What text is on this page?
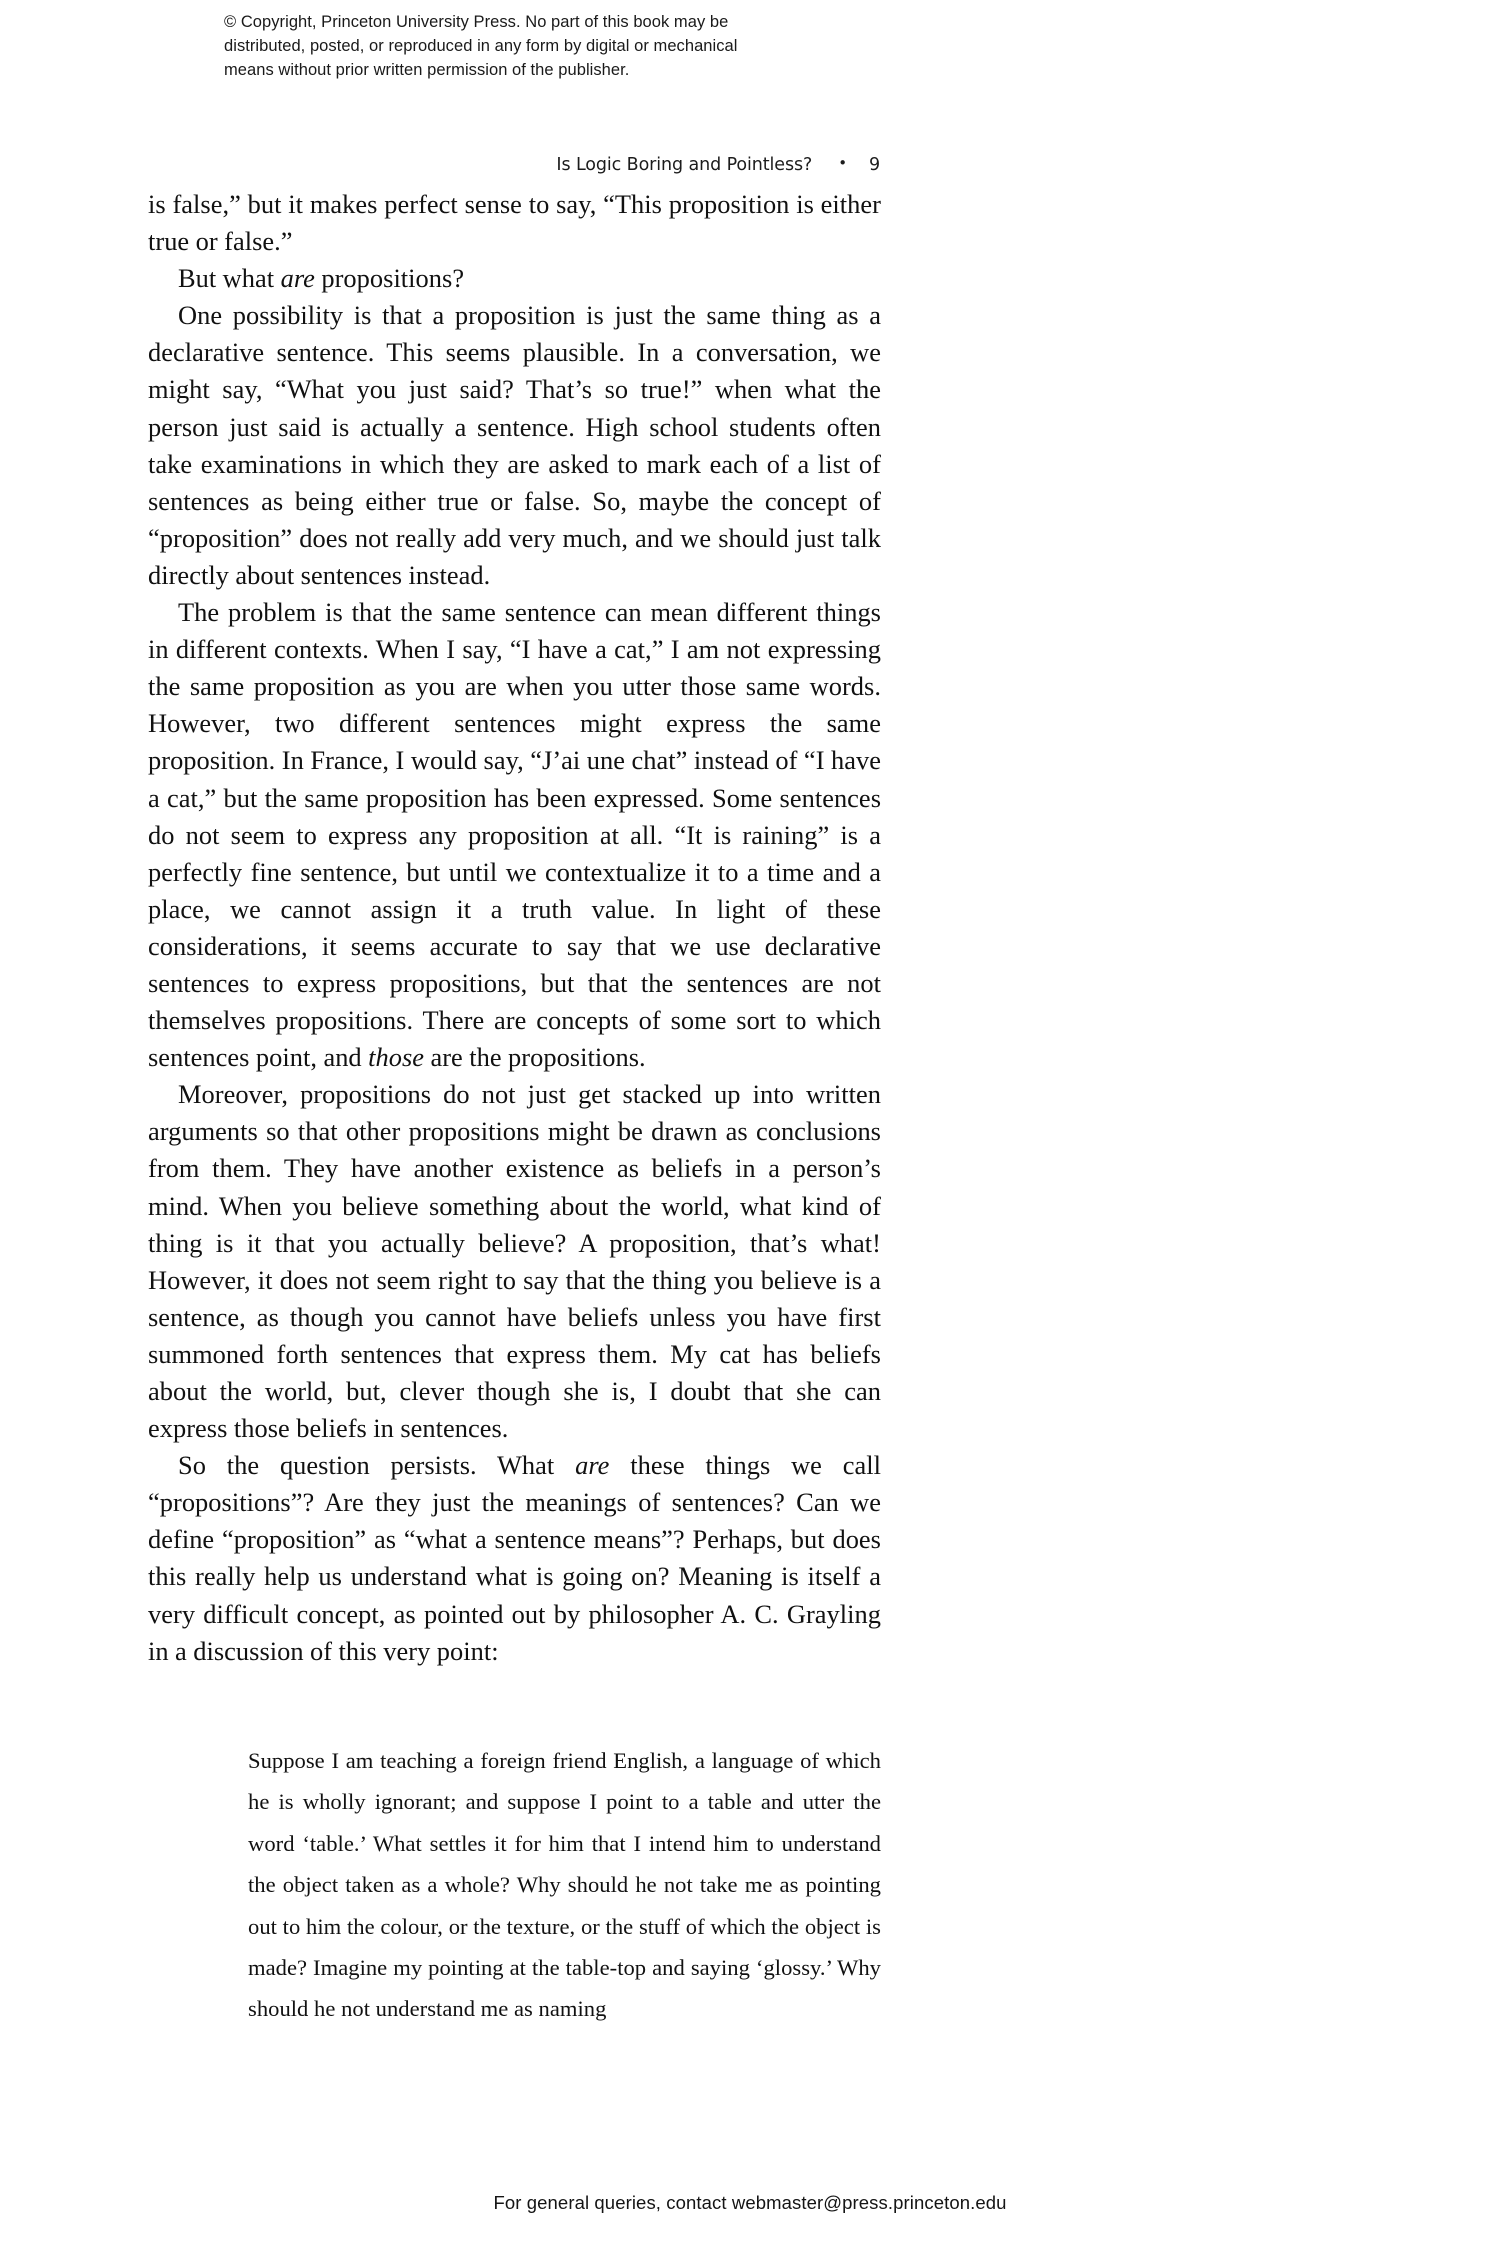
© Copyright, Princeton University Press. No part of this book may be
distributed, posted, or reproduced in any form by digital or mechanical
means without prior written permission of the publisher.
Is Logic Boring and Pointless? • 9

is false,” but it makes perfect sense to say, “This proposition is either true or false.”

But what are propositions?

One possibility is that a proposition is just the same thing as a declarative sentence. This seems plausible. In a conversation, we might say, “What you just said? That’s so true!” when what the person just said is actually a sentence. High school students often take examinations in which they are asked to mark each of a list of sentences as being either true or false. So, maybe the concept of “proposition” does not really add very much, and we should just talk directly about sentences instead.

The problem is that the same sentence can mean different things in different contexts. When I say, “I have a cat,” I am not expressing the same proposition as you are when you utter those same words. However, two different sentences might express the same proposition. In France, I would say, “J’ai une chat” instead of “I have a cat,” but the same proposition has been expressed. Some sentences do not seem to express any proposition at all. “It is raining” is a perfectly fine sentence, but until we contextualize it to a time and a place, we cannot assign it a truth value. In light of these considerations, it seems accurate to say that we use declarative sentences to express propositions, but that the sentences are not themselves propositions. There are concepts of some sort to which sentences point, and those are the propositions.

Moreover, propositions do not just get stacked up into written arguments so that other propositions might be drawn as conclusions from them. They have another existence as beliefs in a person’s mind. When you believe something about the world, what kind of thing is it that you actually believe? A proposition, that’s what! However, it does not seem right to say that the thing you believe is a sentence, as though you cannot have beliefs unless you have first summoned forth sentences that express them. My cat has beliefs about the world, but, clever though she is, I doubt that she can express those beliefs in sentences.

So the question persists. What are these things we call “propositions”? Are they just the meanings of sentences? Can we define “proposition” as “what a sentence means”? Perhaps, but does this really help us understand what is going on? Meaning is itself a very difficult concept, as pointed out by philosopher A. C. Grayling in a discussion of this very point:

Suppose I am teaching a foreign friend English, a language of which he is wholly ignorant; and suppose I point to a table and utter the word ‘table.’ What settles it for him that I intend him to understand the object taken as a whole? Why should he not take me as pointing out to him the colour, or the texture, or the stuff of which the object is made? Imagine my pointing at the table-top and saying ‘glossy.’ Why should he not understand me as naming

For general queries, contact webmaster@press.princeton.edu
